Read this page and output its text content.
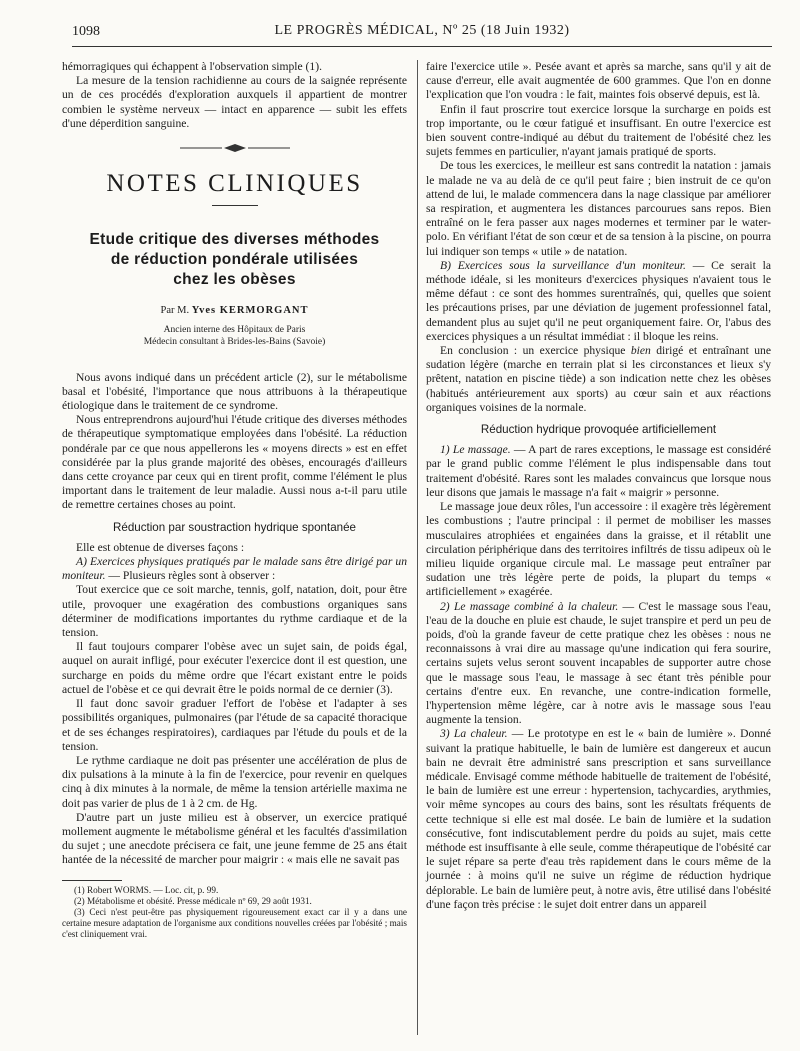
1098	LE PROGRÈS MÉDICAL, Nº 25 (18 Juin 1932)

hémorragiques qui échappent à l'observation simple (1).

La mesure de la tension rachidienne au cours de la saignée représente un de ces procédés d'exploration auxquels il appartient de montrer combien le système nerveux — intact en apparence — subit les effets d'une déperdition sanguine.

NOTES CLINIQUES
Etude critique des diverses méthodes
de réduction pondérale utilisées
chez les obèses
Par M. Yves KERMORGANT
Ancien interne des Hôpitaux de Paris
Médecin consultant à Brides-les-Bains (Savoie)

Nous avons indiqué dans un précédent article (2), sur le métabolisme basal et l'obésité, l'importance que nous attribuons à la thérapeutique étiologique dans le traitement de ce syndrome.

Nous entreprendrons aujourd'hui l'étude critique des diverses méthodes de thérapeutique symptomatique employées dans l'obésité. La réduction pondérale par ce que nous appellerons les « moyens directs » est en effet considérée par la plus grande majorité des obèses, encouragés d'ailleurs dans cette croyance par ceux qui en tirent profit, comme l'élément le plus important dans le traitement de leur maladie. Aussi nous a-t-il paru utile de remettre certaines choses au point.

Réduction par soustraction hydrique spontanée

Elle est obtenue de diverses façons :

A) Exercices physiques pratiqués par le malade sans être dirigé par un moniteur. — Plusieurs règles sont à observer :

Tout exercice que ce soit marche, tennis, golf, natation, doit, pour être utile, provoquer une exagération des combustions organiques sans déterminer de modifications importantes du rythme cardiaque et de la tension.

Il faut toujours comparer l'obèse avec un sujet sain, de poids égal, auquel on aurait infligé, pour exécuter l'exercice dont il est question, une surcharge en poids du même ordre que l'écart existant entre le poids actuel de l'obèse et ce qui devrait être le poids normal de ce dernier (3).

Il faut donc savoir graduer l'effort de l'obèse et l'adapter à ses possibilités organiques, pulmonaires (par l'étude de sa capacité thoracique et de ses échanges respiratoires), cardiaques par l'étude du pouls et de la tension.

Le rythme cardiaque ne doit pas présenter une accélération de plus de dix pulsations à la minute à la fin de l'exercice, pour revenir en quelques cinq à dix minutes à la normale, de même la tension artérielle maxima ne doit pas varier de plus de 1 à 2 cm. de Hg.

D'autre part un juste milieu est à observer, un exercice pratiqué mollement augmente le métabolisme général et les facultés d'assimilation du sujet ; une anecdote précisera ce fait, une jeune femme de 25 ans était hantée de la nécessité de marcher pour maigrir : « mais elle ne savait pas

(1) Robert WORMS. — Loc. cit, p. 99.
(2) Métabolisme et obésité. Presse médicale nº 69, 29 août 1931.
(3) Ceci n'est peut-être pas physiquement rigoureusement exact car il y a dans une certaine mesure adaptation de l'organisme aux conditions nouvelles créées par l'obésité ; mais c'est cliniquement vrai.

faire l'exercice utile ». Pesée avant et après sa marche, sans qu'il y ait de cause d'erreur, elle avait augmentée de 600 grammes. Que l'on en donne l'explication que l'on voudra : le fait, maintes fois observé depuis, est là.

Enfin il faut proscrire tout exercice lorsque la surcharge en poids est trop importante, ou le cœur fatigué et insuffisant. En outre l'exercice est bien souvent contre-indiqué au début du traitement de l'obésité chez les sujets femmes en particulier, n'ayant jamais pratiqué de sports.

De tous les exercices, le meilleur est sans contredit la natation : jamais le malade ne va au delà de ce qu'il peut faire ; bien instruit de ce qu'on attend de lui, le malade commencera dans la nage classique par améliorer sa respiration, et augmentera les distances parcourues sans repos. Bien entraîné on le fera passer aux nages modernes et terminer par le water-polo. En vérifiant l'état de son cœur et de sa tension à la piscine, on pourra lui indiquer son temps « utile » de natation.

B) Exercices sous la surveillance d'un moniteur. — Ce serait la méthode idéale, si les moniteurs d'exercices physiques n'avaient tous le même défaut : ce sont des hommes surentraînés, qui, quelles que soient les précautions prises, par une déviation de jugement professionnel fatal, demandent plus au sujet qu'il ne peut organiquement faire. Or, l'abus des exercices physiques a un résultat immédiat : il bloque les reins.

En conclusion : un exercice physique bien dirigé et entraînant une sudation légère (marche en terrain plat si les circonstances et lieux s'y prêtent, natation en piscine tiède) a son indication nette chez les obèses (habitués antérieurement aux sports) au cœur sain et aux réactions organiques voisines de la normale.

Réduction hydrique provoquée artificiellement

1) Le massage. — A part de rares exceptions, le massage est considéré par le grand public comme l'élément le plus indispensable dans tout traitement d'obésité. Rares sont les malades convaincus que lorsque nous leur disons que jamais le massage n'a fait « maigrir » personne.

Le massage joue deux rôles, l'un accessoire : il exagère très légèrement les combustions ; l'autre principal : il permet de mobiliser les masses musculaires atrophiées et engainées dans la graisse, et il rétablit une circulation périphérique dans des territoires infiltrés de tissu adipeux où le milieu liquide organique circule mal. Le massage peut entraîner par sudation une très légère perte de poids, la plupart du temps « artificiellement » exagérée.

2) Le massage combiné à la chaleur. — C'est le massage sous l'eau, l'eau de la douche en pluie est chaude, le sujet transpire et perd un peu de poids, d'où la grande faveur de cette pratique chez les obèses : nous ne reconnaissons à vrai dire au massage qu'une indication qui fera sourire, certains sujets velus seront souvent incapables de supporter autre chose que le massage sous l'eau, le massage à sec étant très pénible pour certains d'entre eux. En revanche, une contre-indication formelle, l'hypertension même légère, car à notre avis le massage sous l'eau augmente la tension.

3) La chaleur. — Le prototype en est le « bain de lumière ». Donné suivant la pratique habituelle, le bain de lumière est dangereux et aucun bain ne devrait être administré sans prescription et sans surveillance médicale. Envisagé comme méthode habituelle de traitement de l'obésité, le bain de lumière est une erreur : hypertension, tachycardies, arythmies, voir même syncopes au cours des bains, sont les résultats fréquents de cette technique si elle est mal dosée. Le bain de lumière et la sudation consécutive, font indiscutablement perdre du poids au sujet, mais cette méthode est insuffisante à elle seule, comme thérapeutique de l'obésité car le sujet répare sa perte d'eau très rapidement dans le cours même de la journée : à moins qu'il ne suive un régime de réduction hydrique déplorable. Le bain de lumière peut, à notre avis, être utilisé dans l'obésité d'une façon très précise : le sujet doit entrer dans un appareil
